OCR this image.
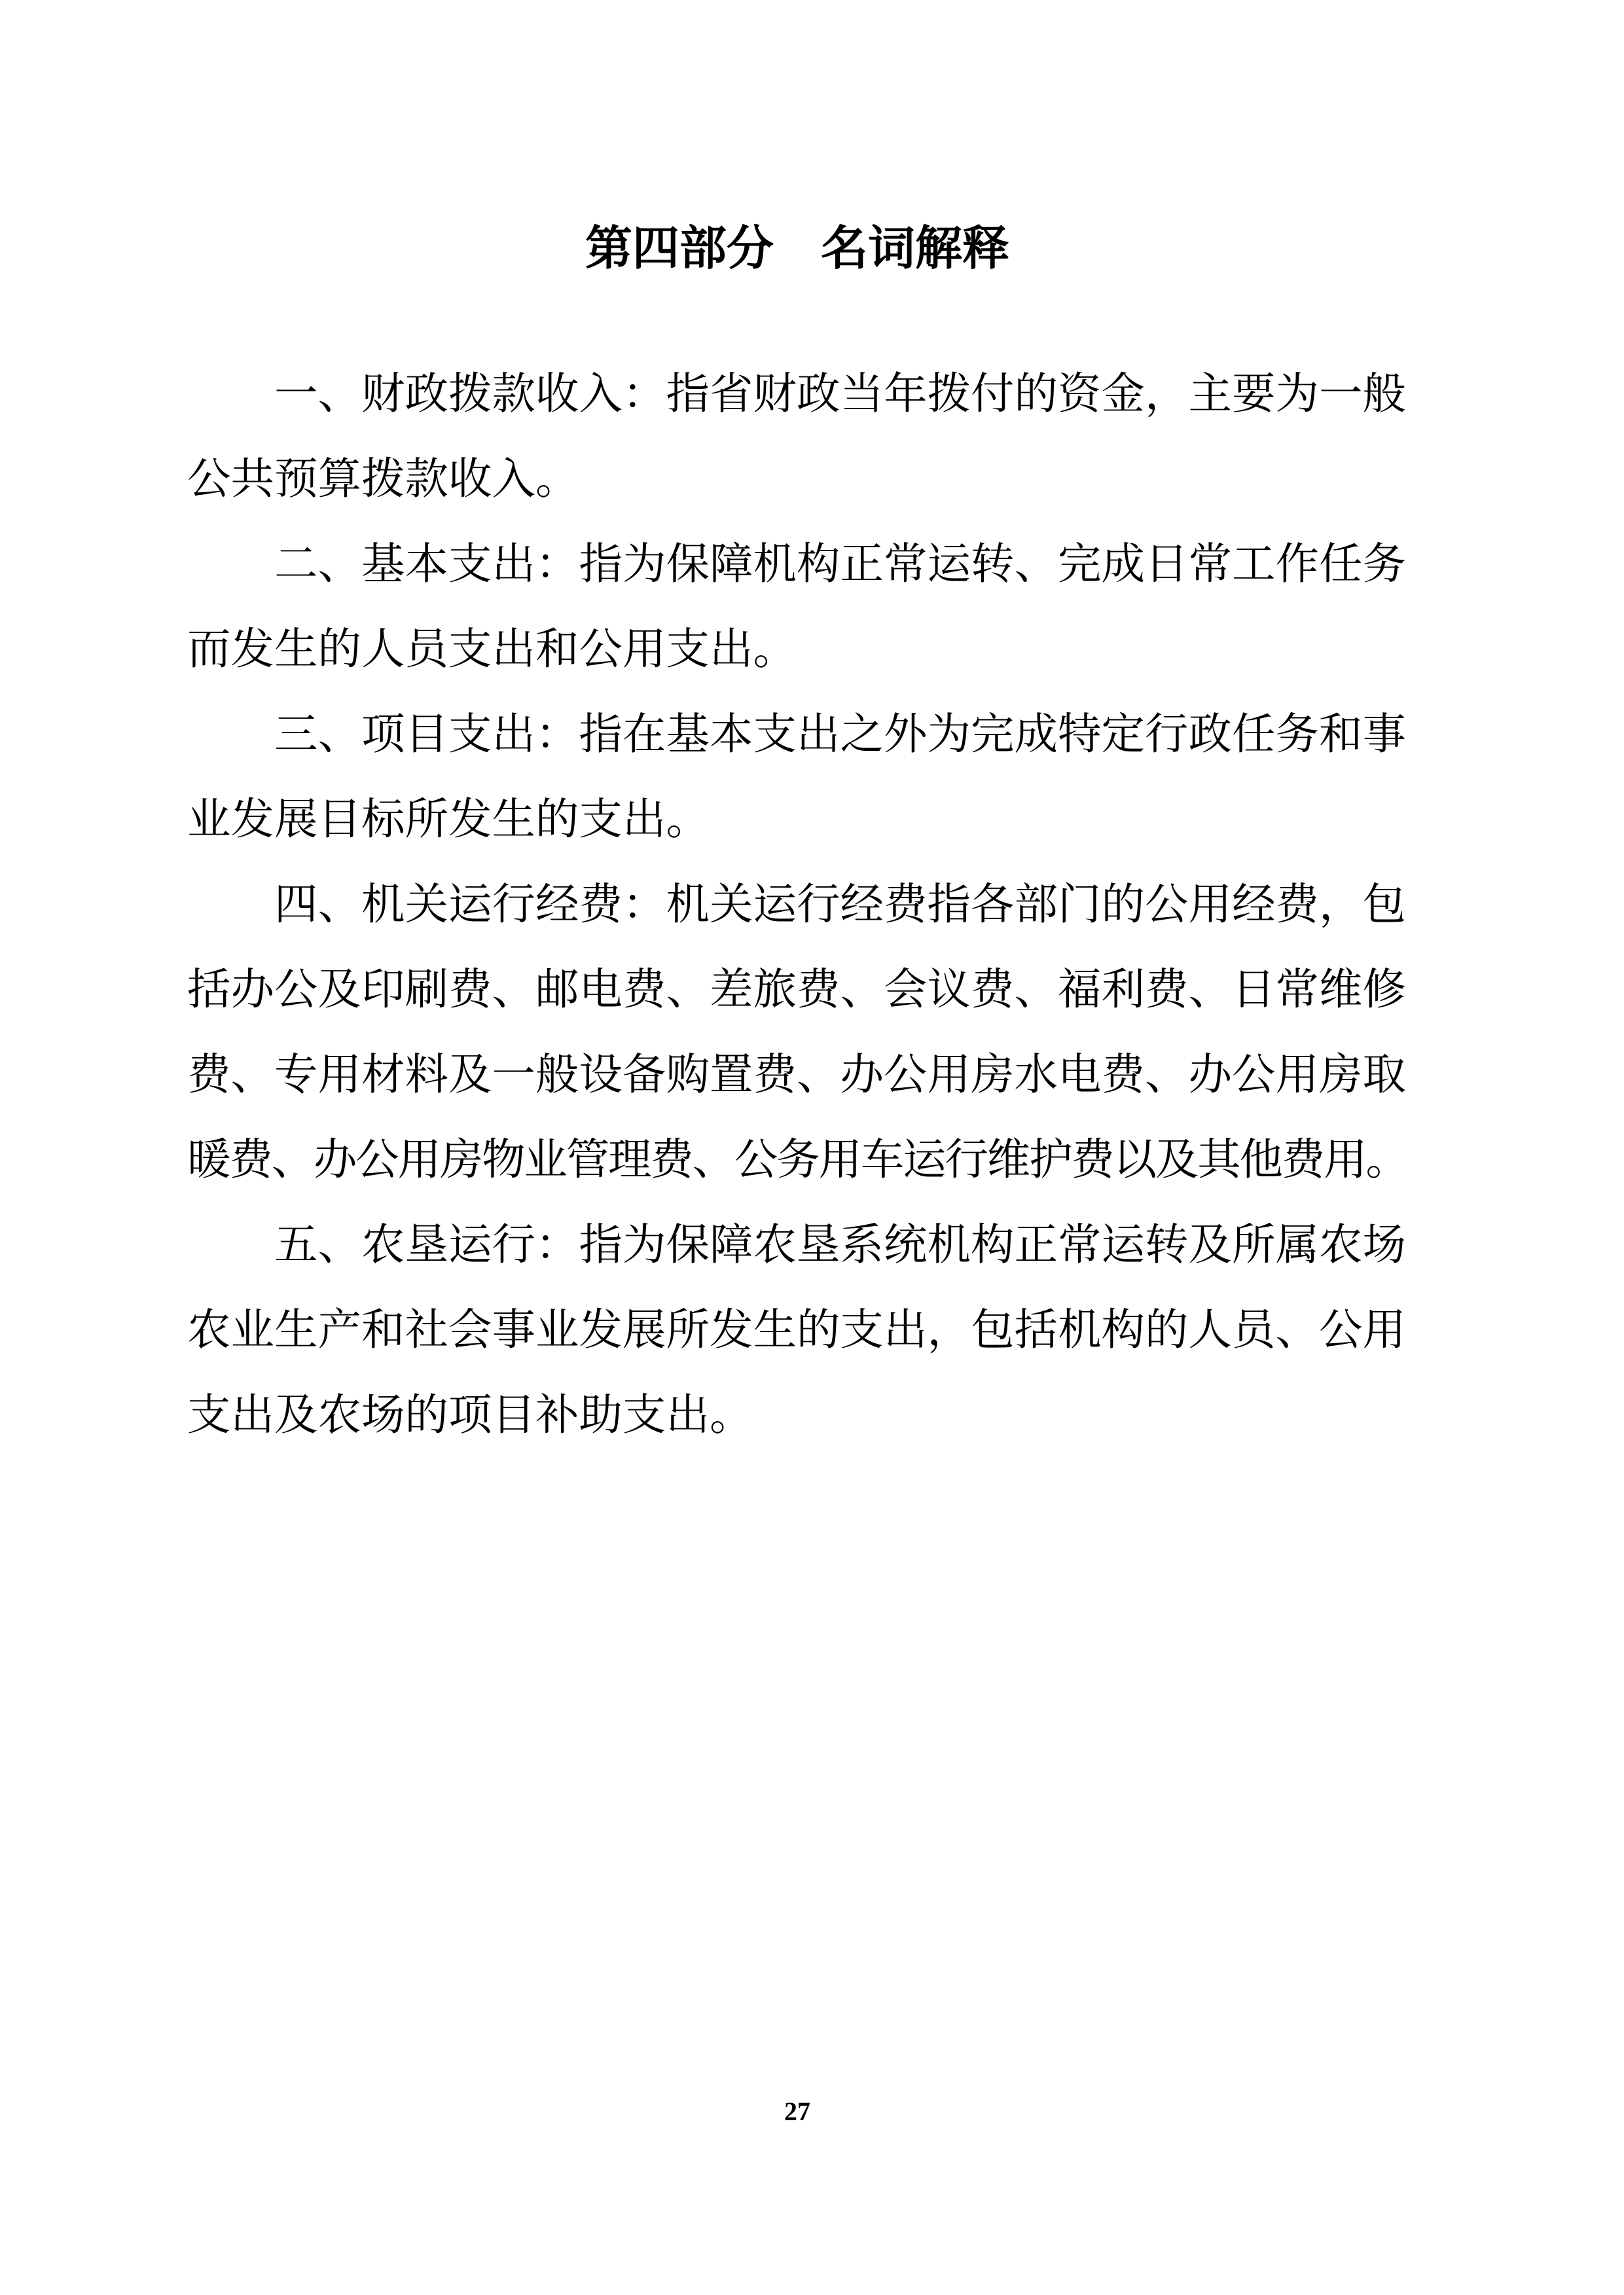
第四部分　名词解释
一、财政拨款收入：指省财政当年拨付的资金，主要为一般
公共预算拨款收入。
二、基本支出：指为保障机构正常运转、完成日常工作任务
而发生的人员支出和公用支出。
三、项目支出：指在基本支出之外为完成特定行政任务和事
业发展目标所发生的支出。
四、机关运行经费：机关运行经费指各部门的公用经费，包
括办公及印刷费、邮电费、差旅费、会议费、福利费、日常维修
费、专用材料及一般设备购置费、办公用房水电费、办公用房取
暖费、办公用房物业管理费、公务用车运行维护费以及其他费用。
五、农垦运行：指为保障农垦系统机构正常运转及所属农场
农业生产和社会事业发展所发生的支出，包括机构的人员、公用
支出及农场的项目补助支出。
27
